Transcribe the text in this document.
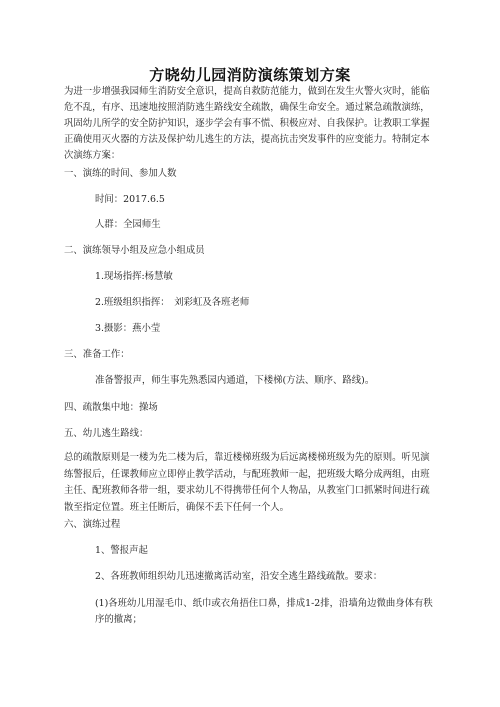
方晓幼儿园消防演练策划方案
为进一步增强我园师生消防安全意识，提高自救防范能力，做到在发生火警火灾时，能临危不乱，有序、迅速地按照消防逃生路线安全疏散，确保生命安全。通过紧急疏散演练，巩固幼儿所学的安全防护知识，逐步学会有事不慌、积极应对、自我保护。让教职工掌握正确使用灭火器的方法及保护幼儿逃生的方法，提高抗击突发事件的应变能力。特制定本次演练方案：
一、演练的时间、参加人数
时间：2017.6.5
人群：全园师生
二、演练领导小组及应急小组成员
1.现场指挥:杨慧敏
2.班级组织指挥：　刘彩虹及各班老师
3.摄影：燕小莹
三、准备工作：
准备警报声，师生事先熟悉园内通道，下楼梯(方法、顺序、路线)。
四、疏散集中地：操场
五、幼儿逃生路线：
总的疏散原则是一楼为先二楼为后，靠近楼梯班级为后远离楼梯班级为先的原则。听见演练警报后，任课教师应立即停止教学活动，与配班教师一起，把班级大略分成两组，由班主任、配班教师各带一组，要求幼儿不得携带任何个人物品，从教室门口抓紧时间进行疏散至指定位置。班主任断后，确保不丢下任何一个人。
六、演练过程
1、警报声起
2、各班教师组织幼儿迅速撤离活动室，沿安全逃生路线疏散。要求：
(1)各班幼儿用湿毛巾、纸巾或衣角捂住口鼻，排成1-2排，沿墙角边微曲身体有秩序的撤离；
